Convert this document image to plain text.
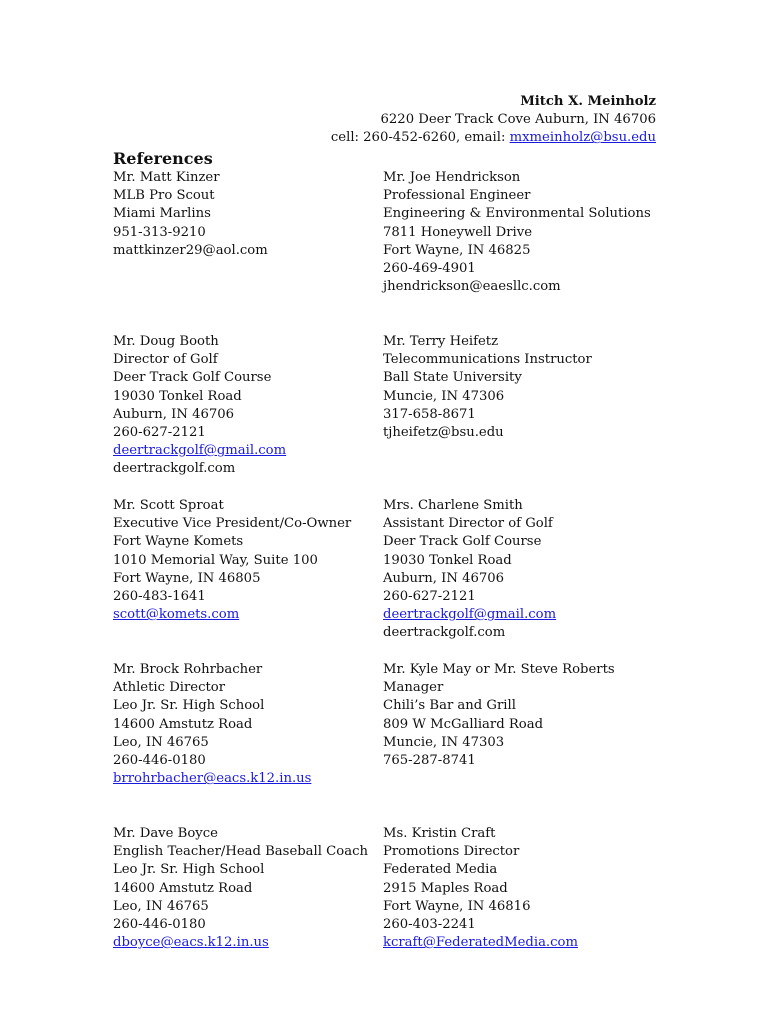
Mitch X. Meinholz
6220 Deer Track Cove Auburn, IN 46706
cell: 260-452-6260, email: mxmeinholz@bsu.edu
References
Mr. Matt Kinzer
MLB Pro Scout
Miami Marlins
951-313-9210
mattkinzer29@aol.com
Mr. Joe Hendrickson
Professional Engineer
Engineering & Environmental Solutions
7811 Honeywell Drive
Fort Wayne, IN 46825
260-469-4901
jhendrickson@eaesllc.com
Mr. Doug Booth
Director of Golf
Deer Track Golf Course
19030 Tonkel Road
Auburn, IN 46706
260-627-2121
deertrackgolf@gmail.com
deertrackgolf.com
Mr. Terry Heifetz
Telecommunications Instructor
Ball State University
Muncie, IN 47306
317-658-8671
tjheifetz@bsu.edu
Mr. Scott Sproat
Executive Vice President/Co-Owner
Fort Wayne Komets
1010 Memorial Way, Suite 100
Fort Wayne, IN 46805
260-483-1641
scott@komets.com
Mrs. Charlene Smith
Assistant Director of Golf
Deer Track Golf Course
19030 Tonkel Road
Auburn, IN 46706
260-627-2121
deertrackgolf@gmail.com
deertrackgolf.com
Mr. Brock Rohrbacher
Athletic Director
Leo Jr. Sr. High School
14600 Amstutz Road
Leo, IN 46765
260-446-0180
brrohrbacher@eacs.k12.in.us
Mr. Kyle May or Mr. Steve Roberts
Manager
Chili’s Bar and Grill
809 W McGalliard Road
Muncie, IN 47303
765-287-8741
Mr. Dave Boyce
English Teacher/Head Baseball Coach
Leo Jr. Sr. High School
14600 Amstutz Road
Leo, IN 46765
260-446-0180
dboyce@eacs.k12.in.us
Ms. Kristin Craft
Promotions Director
Federated Media
2915 Maples Road
Fort Wayne, IN 46816
260-403-2241
kcraft@FederatedMedia.com
